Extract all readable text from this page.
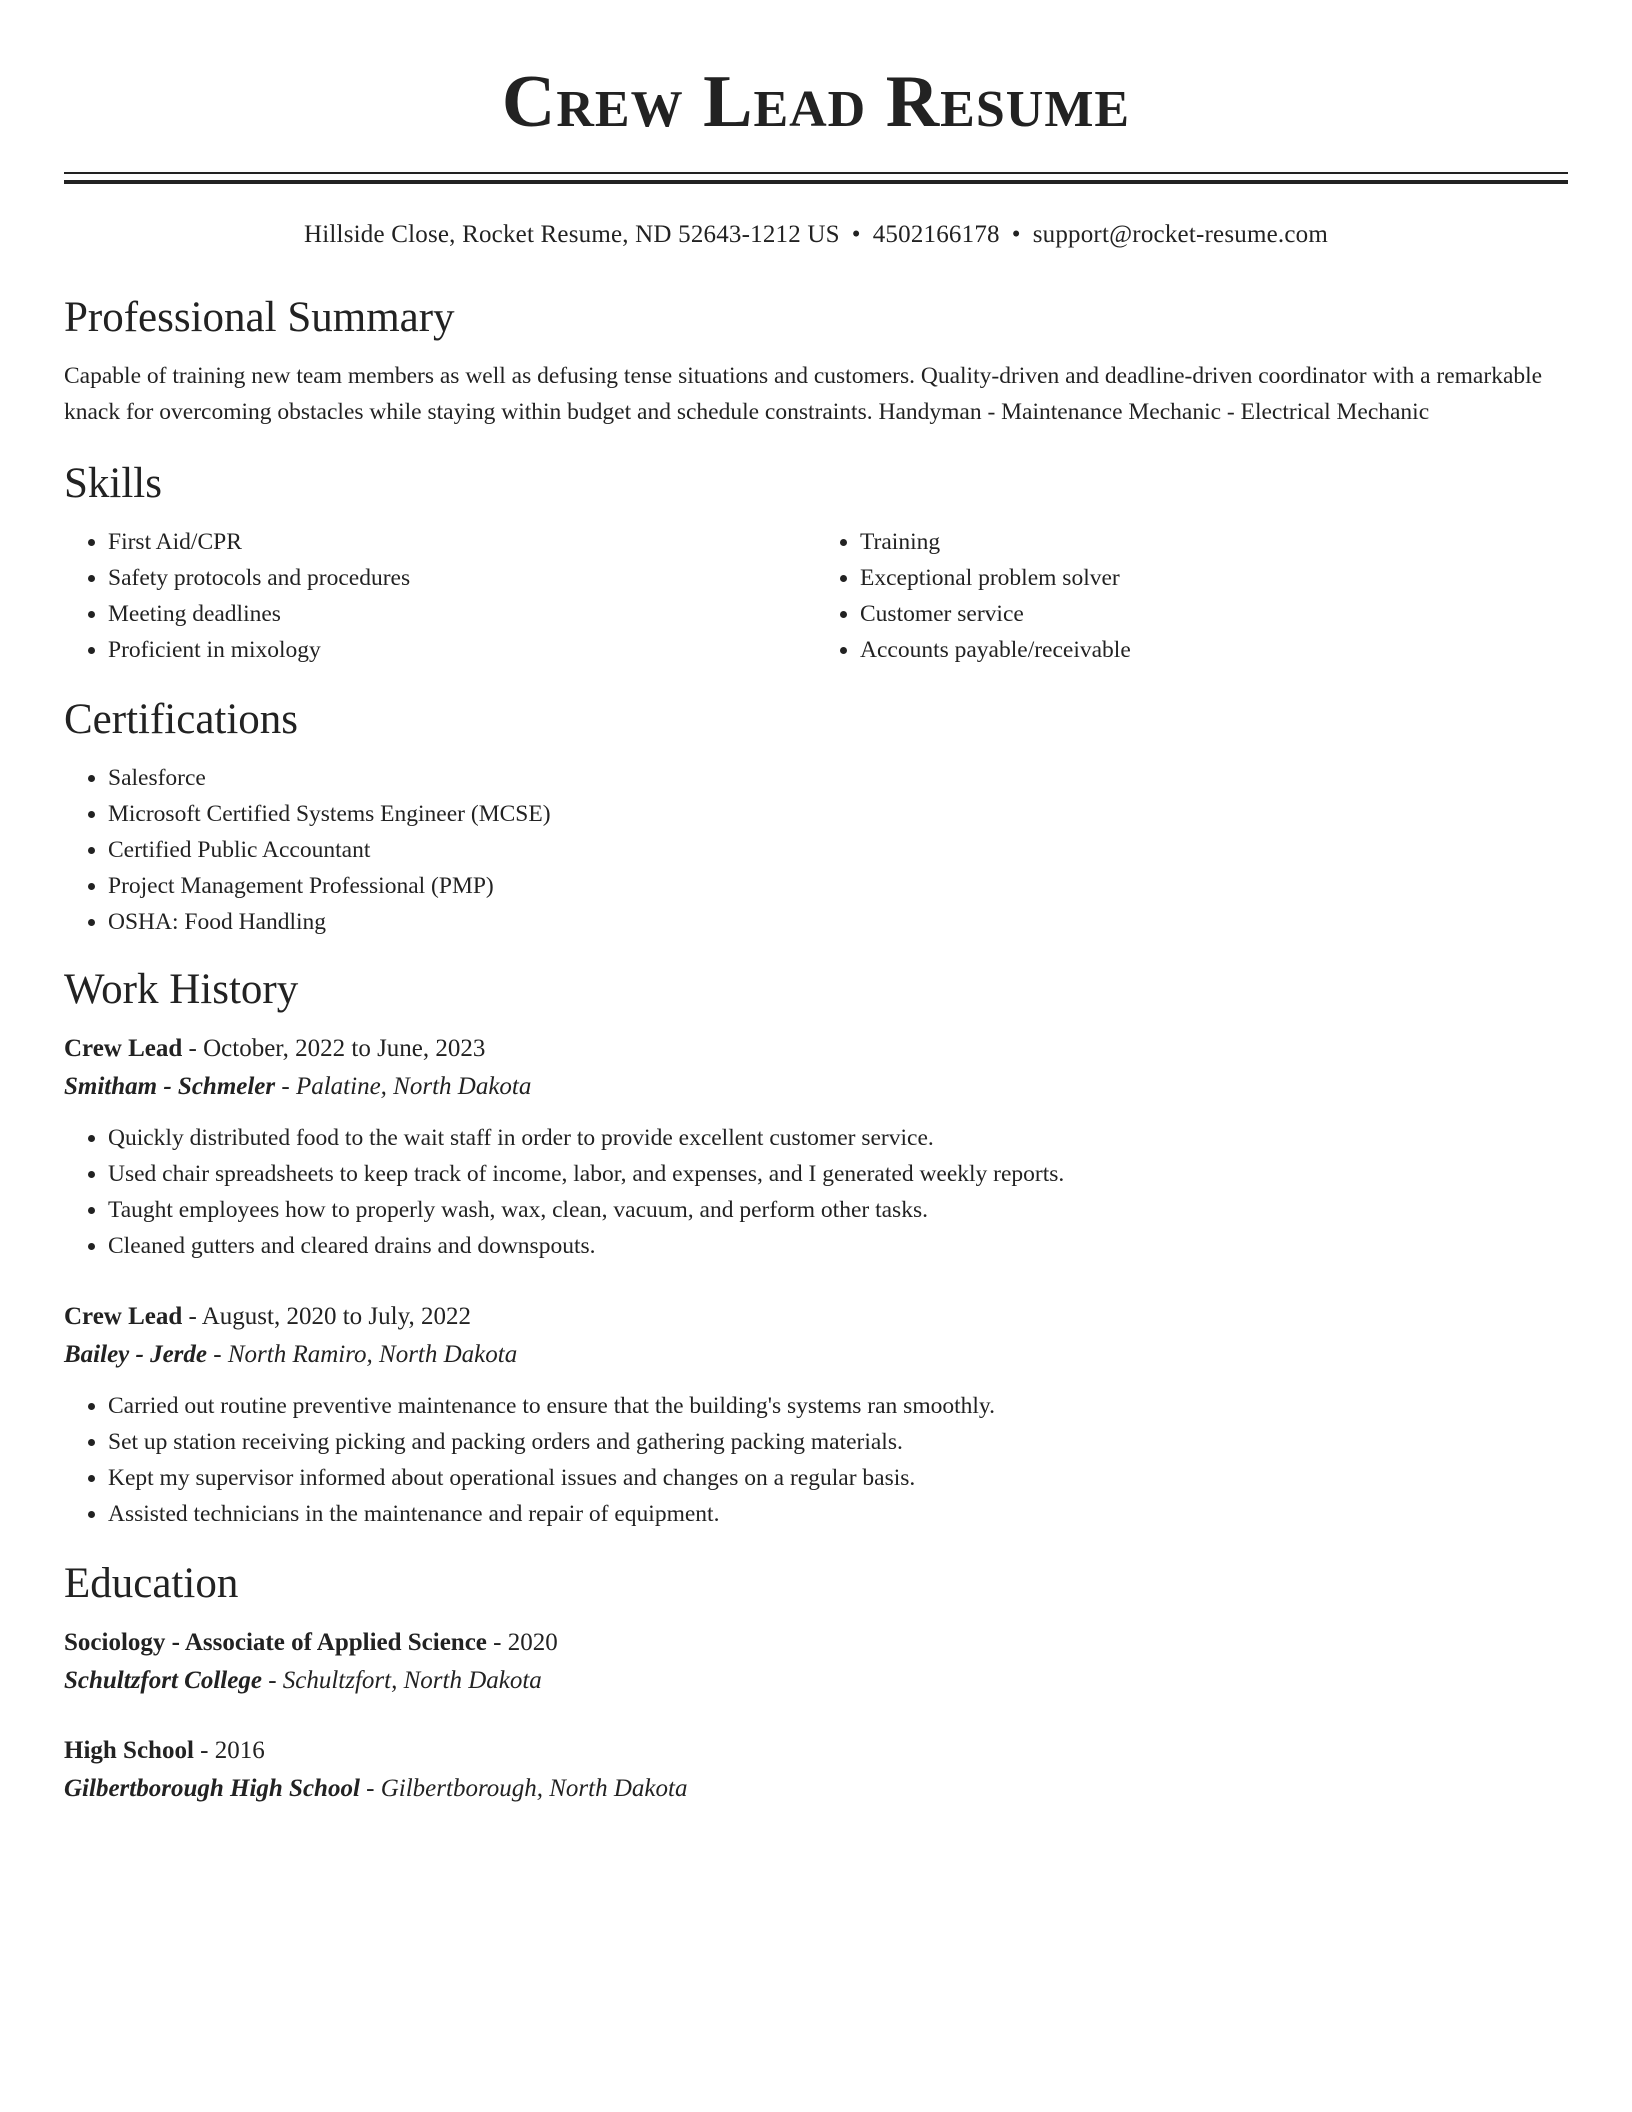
Crew Lead Resume
Hillside Close, Rocket Resume, ND 52643-1212 US • 4502166178 • support@rocket-resume.com
Professional Summary

Capable of training new team members as well as defusing tense situations and customers. Quality-driven and deadline-driven coordinator with a remarkable knack for overcoming obstacles while staying within budget and schedule constraints. Handyman - Maintenance Mechanic - Electrical Mechanic

Skills
• First Aid/CPR
• Safety protocols and procedures
• Meeting deadlines
• Proficient in mixology
• Training
• Exceptional problem solver
• Customer service
• Accounts payable/receivable
Certifications
• Salesforce
• Microsoft Certified Systems Engineer (MCSE)
• Certified Public Accountant
• Project Management Professional (PMP)
• OSHA: Food Handling
Work History
Crew Lead - October, 2022 to June, 2023
Smitham - Schmeler - Palatine, North Dakota
• Quickly distributed food to the wait staff in order to provide excellent customer service.
• Used chair spreadsheets to keep track of income, labor, and expenses, and I generated weekly reports.
• Taught employees how to properly wash, wax, clean, vacuum, and perform other tasks.
• Cleaned gutters and cleared drains and downspouts.
Crew Lead - August, 2020 to July, 2022
Bailey - Jerde - North Ramiro, North Dakota
• Carried out routine preventive maintenance to ensure that the building's systems ran smoothly.
• Set up station receiving picking and packing orders and gathering packing materials.
• Kept my supervisor informed about operational issues and changes on a regular basis.
• Assisted technicians in the maintenance and repair of equipment.
Education
Sociology - Associate of Applied Science - 2020
Schultzfort College - Schultzfort, North Dakota
High School - 2016
Gilbertborough High School - Gilbertborough, North Dakota
